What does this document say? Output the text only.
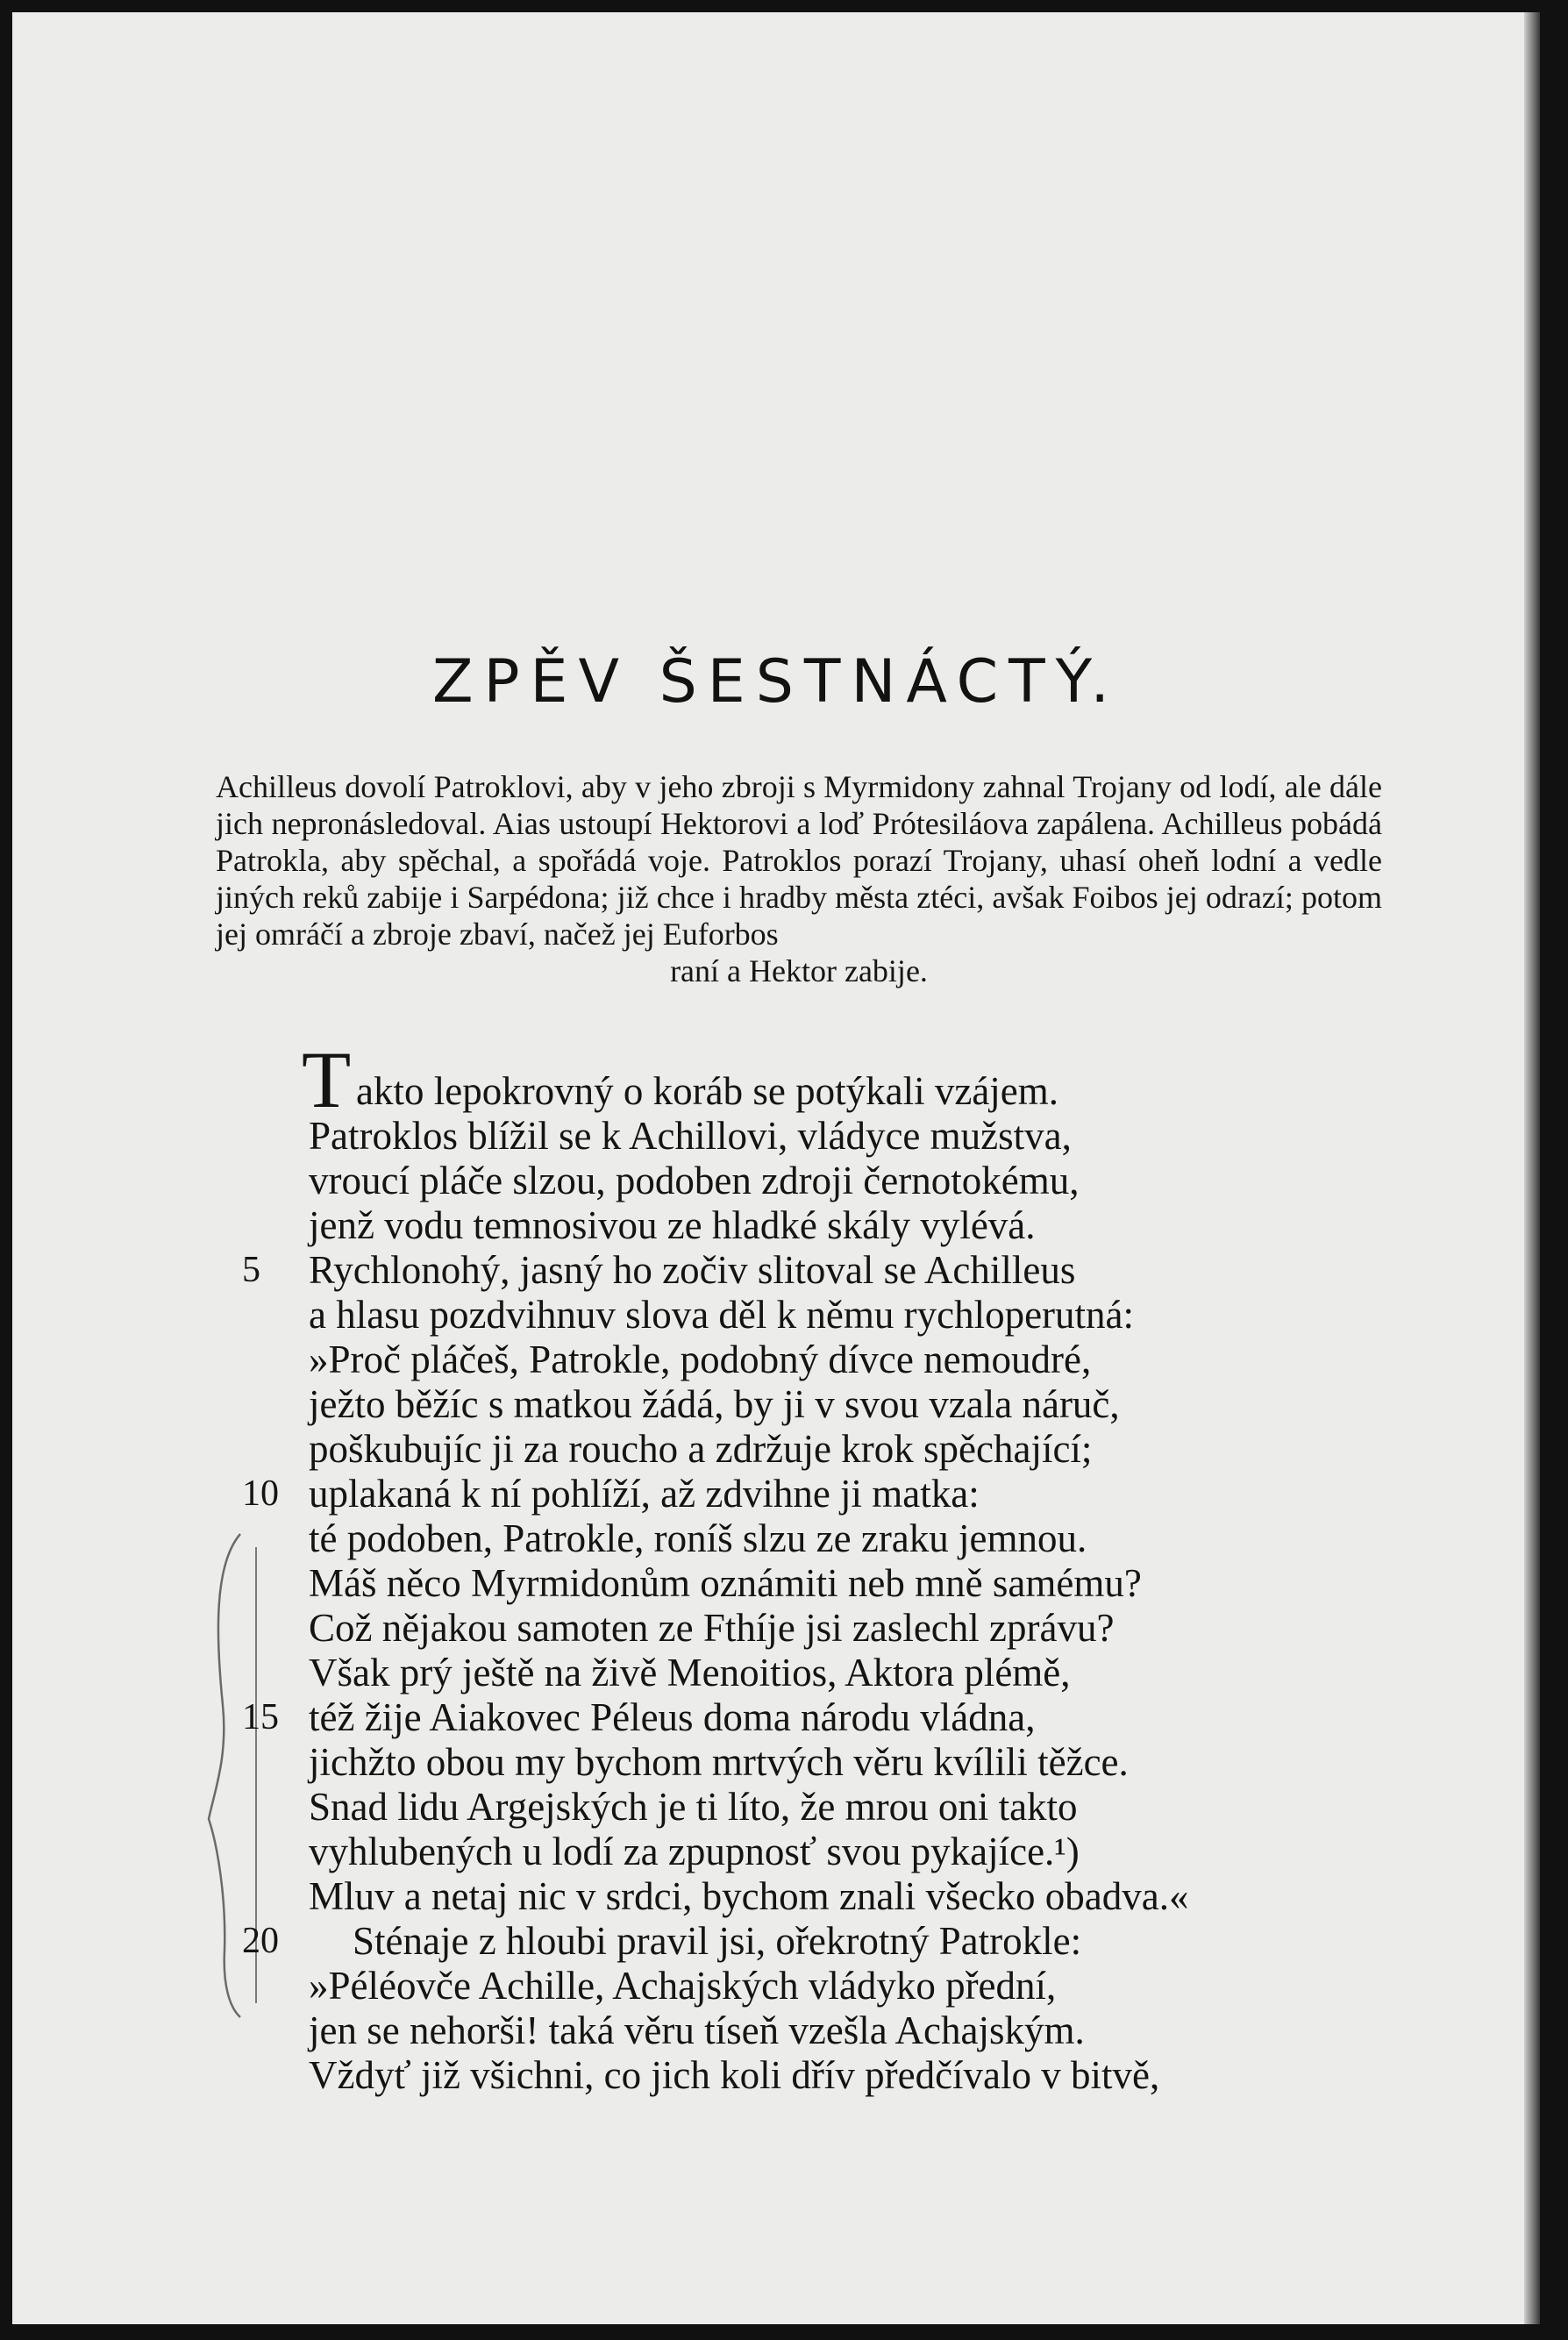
ZPĚV ŠESTNÁCTÝ.
Achilleus dovolí Patroklovi, aby v jeho zbroji s Myrmidony zahnal Trojany od lodí, ale dále jich nepronásledoval. Aias ustoupí Hektorovi a loď Prótesiláova zapálena. Achilleus pobádá Patrokla, aby spěchal, a spořádá voje. Patroklos porazí Trojany, uhasí oheň lodní a vedle jiných reků zabije i Sarpédona; již chce i hradby města ztéci, avšak Foibos jej odrazí; potom jej omráčí a zbroje zbaví, načež jej Euforbos
raní a Hektor zabije.
T akto lepokrovný o koráb se potýkali vzájem.
Patroklos blížil se k Achillovi, vládyce mužstva,
vroucí pláče slzou, podoben zdroji černotokému,
jenž vodu temnosivou ze hladké skály vylévá.
5	Rychlonohý, jasný ho zočiv slitoval se Achilleus
a hlasu pozdvihnuv slova děl k němu rychloperutná:
»Proč pláčeš, Patrokle, podobný dívce nemoudré,
ježto běžíc s matkou žádá, by ji v svou vzala náruč,
poškubujíc ji za roucho a zdržuje krok spěchající;
10 uplakaná k ní pohlíží, až zdvihne ji matka:
té podoben, Patrokle, roníš slzu ze zraku jemnou.
Máš něco Myrmidonům oznámiti neb mně samému?
Což nějakou samoten ze Fthíje jsi zaslechl zprávu?
Však prý ještě na živě Menoitios, Aktora plémě,
15 též žije Aiakovec Péleus doma národu vládna,
jichžto obou my bychom mrtvých věru kvílili těžce.
Snad lidu Argejských je ti líto, že mrou oni takto
vyhlubených u lodí za zpupnosť svou pykajíce.¹)
Mluv a netaj nic v srdci, bychom znali všecko obadva.«
20	Sténaje z hloubi pravil jsi, ořekrotný Patrokle:
»Péléovče Achille, Achajských vládyko přední,
jen se nehorši! taká věru tíseň vzešla Achajským.
Vždyť již všichni, co jich koli dřív předčívalo v bitvě,
